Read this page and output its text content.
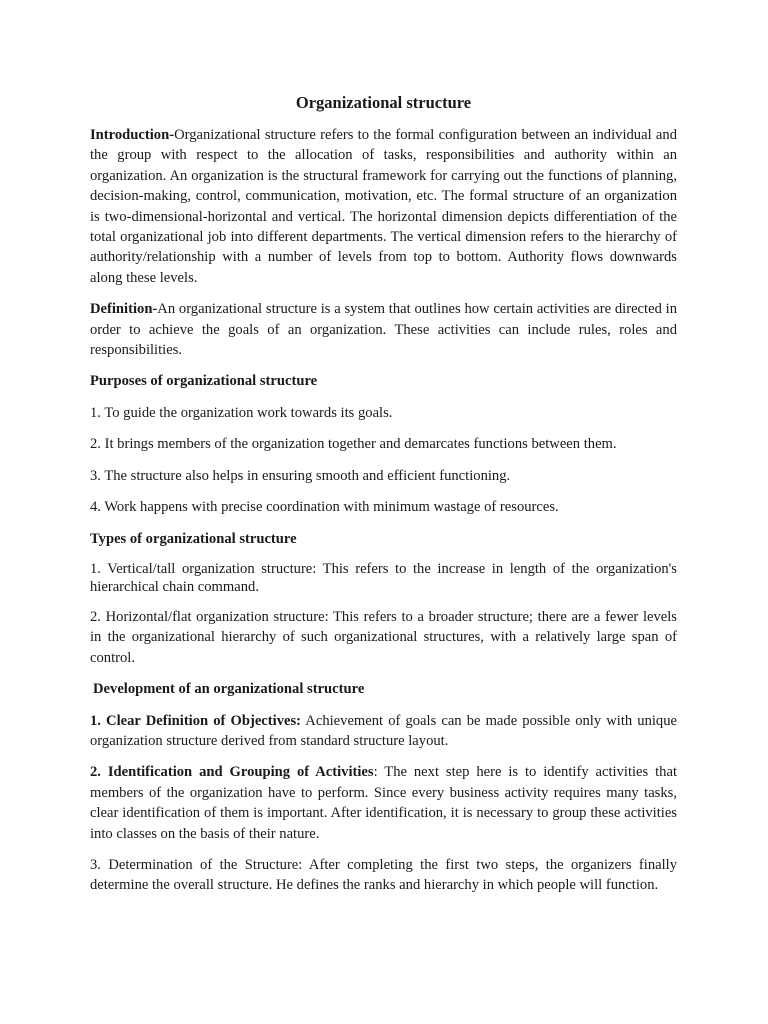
Organizational structure

Introduction-Organizational structure refers to the formal configuration between an individual and the group with respect to the allocation of tasks, responsibilities and authority within an organization. An organization is the structural framework for carrying out the functions of planning, decision-making, control, communication, motivation, etc. The formal structure of an organization is two-dimensional-horizontal and vertical. The horizontal dimension depicts differentiation of the total organizational job into different departments. The vertical dimension refers to the hierarchy of authority/relationship with a number of levels from top to bottom. Authority flows downwards along these levels.

Definition-An organizational structure is a system that outlines how certain activities are directed in order to achieve the goals of an organization. These activities can include rules, roles and responsibilities.

Purposes of organizational structure

1. To guide the organization work towards its goals.

2. It brings members of the organization together and demarcates functions between them.

3. The structure also helps in ensuring smooth and efficient functioning.

4. Work happens with precise coordination with minimum wastage of resources.

Types of organizational structure

1. Vertical/tall organization structure: This refers to the increase in length of the organization's hierarchical chain command.

2. Horizontal/flat organization structure: This refers to a broader structure; there are a fewer levels in the organizational hierarchy of such organizational structures, with a relatively large span of control.

Development of an organizational structure

1. Clear Definition of Objectives: Achievement of goals can be made possible only with unique organization structure derived from standard structure layout.

2. Identification and Grouping of Activities: The next step here is to identify activities that members of the organization have to perform. Since every business activity requires many tasks, clear identification of them is important. After identification, it is necessary to group these activities into classes on the basis of their nature.

3. Determination of the Structure: After completing the first two steps, the organizers finally determine the overall structure. He defines the ranks and hierarchy in which people will function.
